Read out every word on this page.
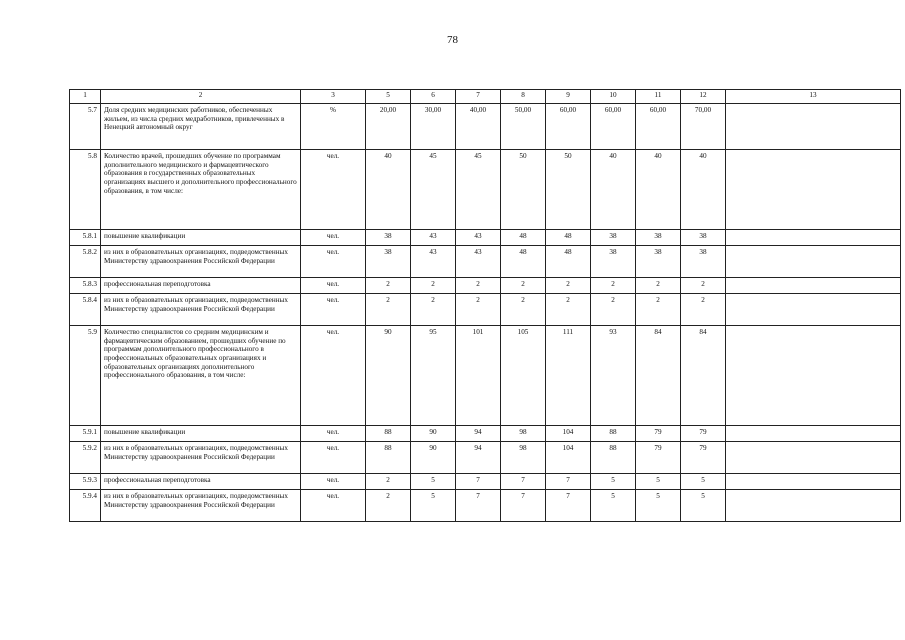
78
1	2	3	5	6	7	8	9	10	11	12	13
5.7	Доля средних медицинских работников, обеспеченных жильем, из числа средних медработников, привлеченных в Ненецкий автономный округ	%	20,00	30,00	40,00	50,00	60,00	60,00	60,00	70,00	
5.8	Количество врачей, прошедших обучение по программам дополнительного медицинского и фармацевтического образования в государственных образовательных организациях высшего и дополнительного профессионального образования, в том числе:	чел.	40	45	45	50	50	40	40	40	
5.8.1	повышение квалификации	чел.	38	43	43	48	48	38	38	38	
5.8.2	из них в образовательных организациях, подведомственных Министерству здравоохранения Российской Федерации	чел.	38	43	43	48	48	38	38	38	
5.8.3	профессиональная переподготовка	чел.	2	2	2	2	2	2	2	2	
5.8.4	из них в образовательных организациях, подведомственных Министерству здравоохранения Российской Федерации	чел.	2	2	2	2	2	2	2	2	
5.9	Количество специалистов со средним медицинским и фармацевтическим образованием, прошедших обучение по программам дополнительного профессионального в профессиональных образовательных организациях и образовательных организациях дополнительного профессионального образования, в том числе:	чел.	90	95	101	105	111	93	84	84	
5.9.1	повышение квалификации	чел.	88	90	94	98	104	88	79	79	
5.9.2	из них в образовательных организациях, подведомственных Министерству здравоохранения Российской Федерации	чел.	88	90	94	98	104	88	79	79	
5.9.3	профессиональная переподготовка	чел.	2	5	7	7	7	5	5	5	
5.9.4	из них в образовательных организациях, подведомственных Министерству здравоохранения Российской Федерации	чел.	2	5	7	7	7	5	5	5	
